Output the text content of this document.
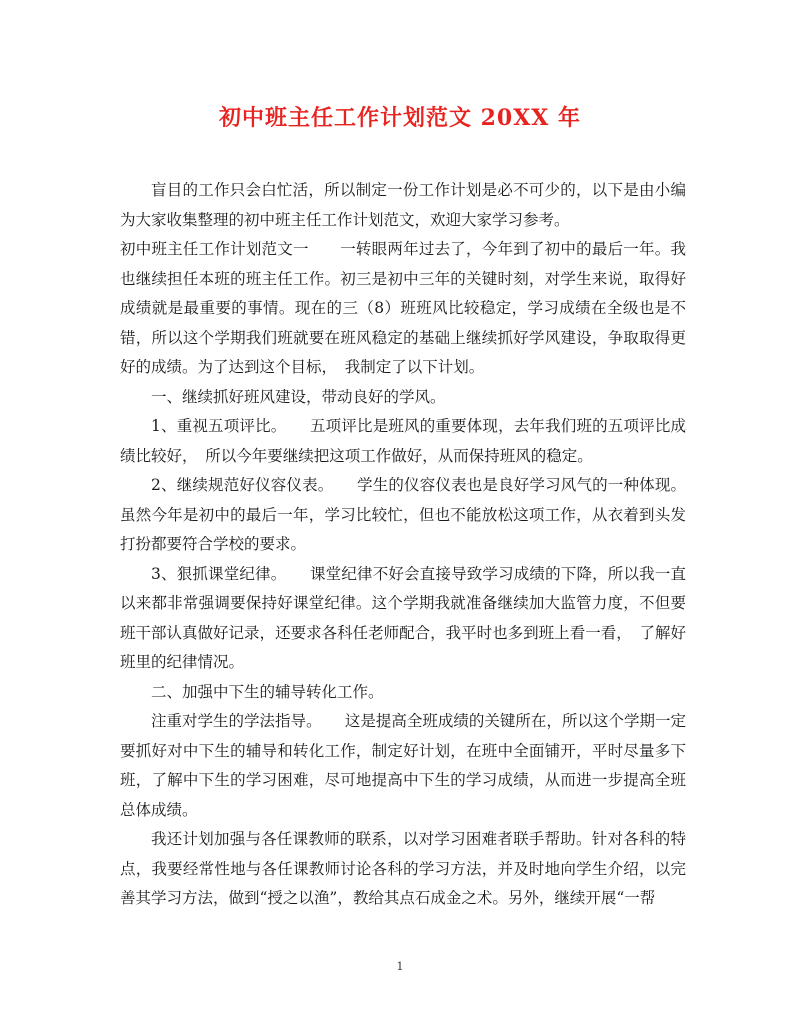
初中班主任工作计划范文 20XX 年

盲目的工作只会白忙活，所以制定一份工作计划是必不可少的，以下是由小编为大家收集整理的初中班主任工作计划范文，欢迎大家学习参考。

初中班主任工作计划范文一　　一转眼两年过去了，今年到了初中的最后一年。我也继续担任本班的班主任工作。初三是初中三年的关键时刻，对学生来说，取得好成绩就是最重要的事情。现在的三（8）班班风比较稳定，学习成绩在全级也是不错，所以这个学期我们班就要在班风稳定的基础上继续抓好学风建设，争取取得更好的成绩。为了达到这个目标，　我制定了以下计划。

一、继续抓好班风建设，带动良好的学风。

1、重视五项评比。　　五项评比是班风的重要体现，去年我们班的五项评比成绩比较好，　所以今年要继续把这项工作做好，从而保持班风的稳定。

2、继续规范好仪容仪表。　　学生的仪容仪表也是良好学习风气的一种体现。虽然今年是初中的最后一年，学习比较忙，但也不能放松这项工作，从衣着到头发打扮都要符合学校的要求。

3、狠抓课堂纪律。　　课堂纪律不好会直接导致学习成绩的下降，所以我一直以来都非常强调要保持好课堂纪律。这个学期我就准备继续加大监管力度，不但要班干部认真做好记录，还要求各科任老师配合，我平时也多到班上看一看，　了解好班里的纪律情况。

二、加强中下生的辅导转化工作。

注重对学生的学法指导。　　这是提高全班成绩的关键所在，所以这个学期一定要抓好对中下生的辅导和转化工作，制定好计划，在班中全面铺开，平时尽量多下班，了解中下生的学习困难，尽可地提高中下生的学习成绩，从而进一步提高全班总体成绩。

我还计划加强与各任课教师的联系，以对学习困难者联手帮助。针对各科的特点，我要经常性地与各任课教师讨论各科的学习方法，并及时地向学生介绍，以完善其学习方法，做到“授之以渔”，教给其点石成金之术。另外，继续开展“一帮

1
